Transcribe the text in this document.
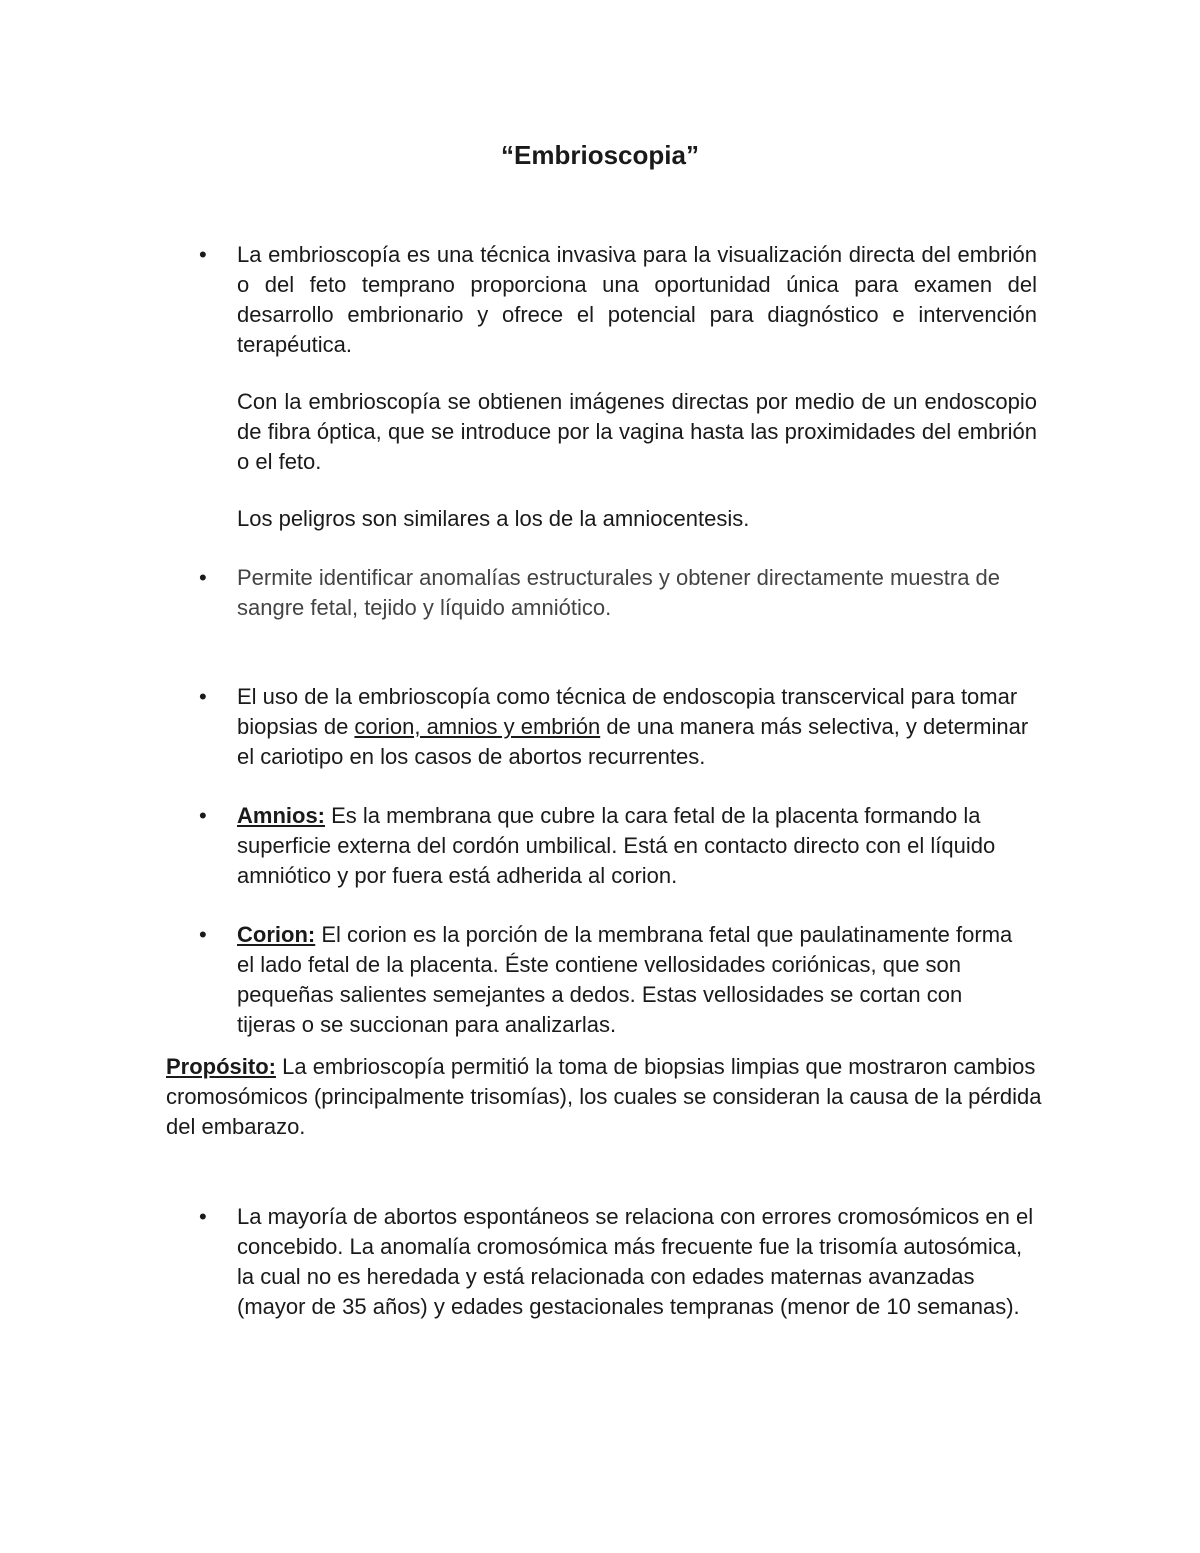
“Embrioscopia”
• La embrioscopía es una técnica invasiva para la visualización directa del embrión o del feto temprano proporciona una oportunidad única para examen del desarrollo embrionario y ofrece el potencial para diagnóstico e intervención terapéutica.

Con la embrioscopía se obtienen imágenes directas por medio de un endoscopio de fibra óptica, que se introduce por la vagina hasta las proximidades del embrión o el feto.

Los peligros son similares a los de la amniocentesis.

• Permite identificar anomalías estructurales y obtener directamente muestra de sangre fetal, tejido y líquido amniótico.

• El uso de la embrioscopía como técnica de endoscopia transcervical para tomar biopsias de corion, amnios y embrión de una manera más selectiva, y determinar el cariotipo en los casos de abortos recurrentes.

• Amnios: Es la membrana que cubre la cara fetal de la placenta formando la superficie externa del cordón umbilical. Está en contacto directo con el líquido amniótico y por fuera está adherida al corion.

• Corion: El corion es la porción de la membrana fetal que paulatinamente forma el lado fetal de la placenta. Éste contiene vellosidades coriónicas, que son pequeñas salientes semejantes a dedos. Estas vellosidades se cortan con tijeras o se succionan para analizarlas.

Propósito: La embrioscopía permitió la toma de biopsias limpias que mostraron cambios cromosómicos (principalmente trisomías), los cuales se consideran la causa de la pérdida del embarazo.

• La mayoría de abortos espontáneos se relaciona con errores cromosómicos en el concebido. La anomalía cromosómica más frecuente fue la trisomía autosómica, la cual no es heredada y está relacionada con edades maternas avanzadas (mayor de 35 años) y edades gestacionales tempranas (menor de 10 semanas).
